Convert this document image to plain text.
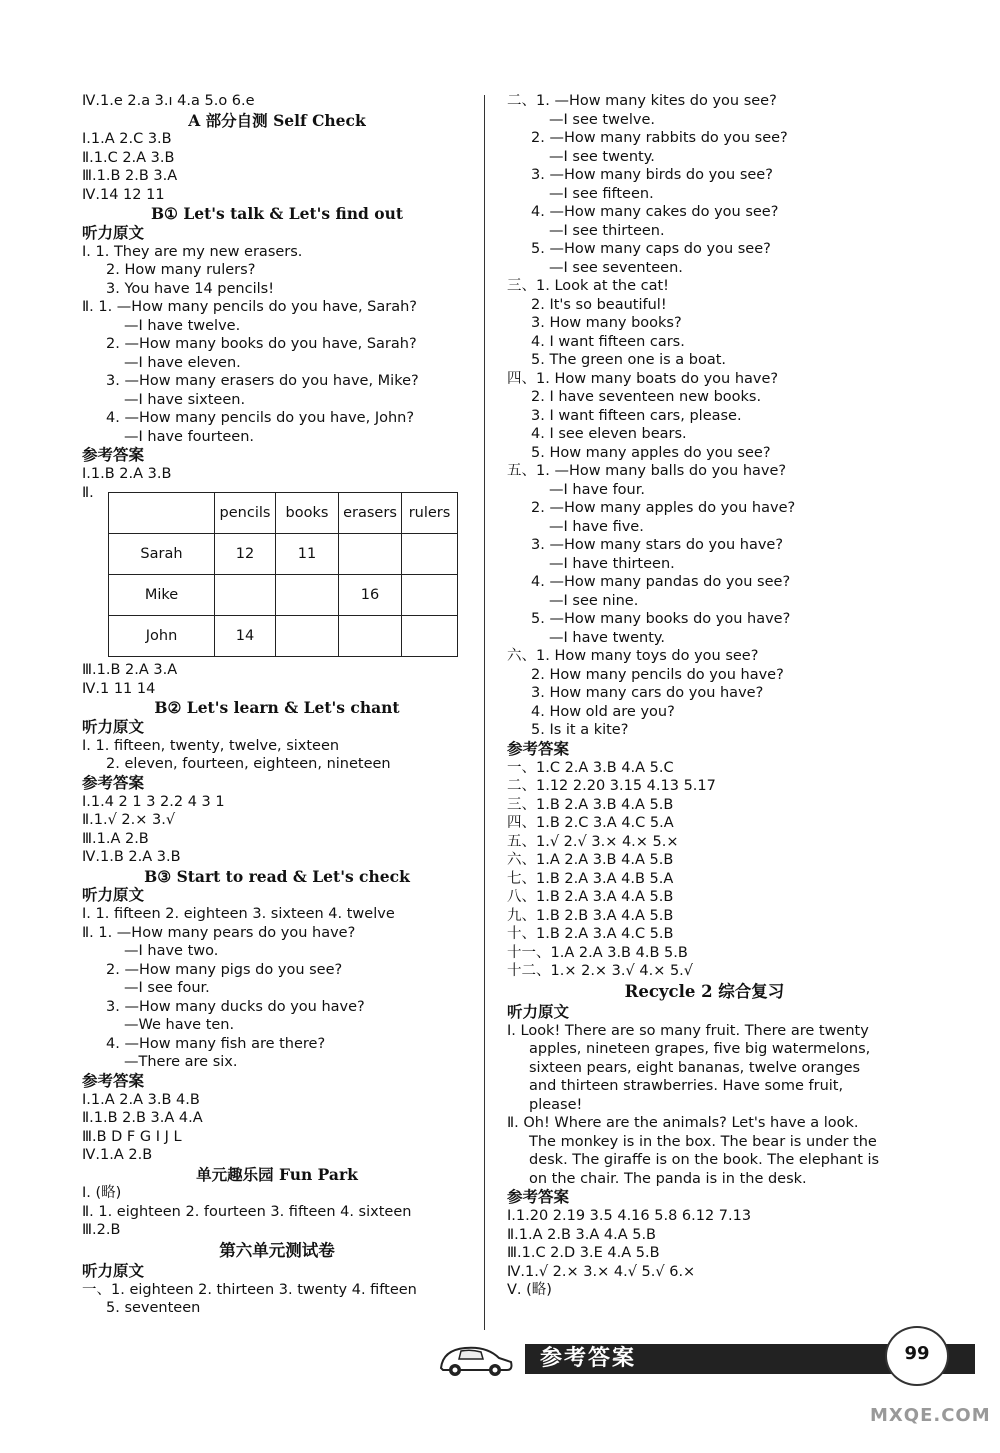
Ⅳ.1.e 2.a 3.ı 4.a 5.o 6.e
A 部分自测 Self Check
Ⅰ.1.A 2.C 3.B
Ⅱ.1.C 2.A 3.B
Ⅲ.1.B 2.B 3.A
Ⅳ.14 12 11
B① Let's talk & Let's find out
听力原文
Ⅰ. 1. They are my new erasers.
2. How many rulers?
3. You have 14 pencils!
Ⅱ. 1. —How many pencils do you have, Sarah?
—I have twelve.
2. —How many books do you have, Sarah?
—I have eleven.
3. —How many erasers do you have, Mike?
—I have sixteen.
4. —How many pencils do you have, John?
—I have fourteen.
参考答案
Ⅰ.1.B 2.A 3.B
Ⅱ.
	pencils	books	erasers	rulers
Sarah	12	11		
Mike			16	
John	14			
Ⅲ.1.B 2.A 3.A
Ⅳ.1 11 14
B② Let's learn & Let's chant
听力原文
Ⅰ. 1. fifteen, twenty, twelve, sixteen
2. eleven, fourteen, eighteen, nineteen
参考答案
Ⅰ.1.4 2 1 3 2.2 4 3 1
Ⅱ.1.√ 2.× 3.√
Ⅲ.1.A 2.B
Ⅳ.1.B 2.A 3.B
B③ Start to read & Let's check
听力原文
Ⅰ. 1. fifteen 2. eighteen 3. sixteen 4. twelve
Ⅱ. 1. —How many pears do you have?
—I have two.
2. —How many pigs do you see?
—I see four.
3. —How many ducks do you have?
—We have ten.
4. —How many fish are there?
—There are six.
参考答案
Ⅰ.1.A 2.A 3.B 4.B
Ⅱ.1.B 2.B 3.A 4.A
Ⅲ.B D F G I J L
Ⅳ.1.A 2.B
单元趣乐园 Fun Park
Ⅰ. (略)
Ⅱ. 1. eighteen 2. fourteen 3. fifteen 4. sixteen
Ⅲ.2.B
第六单元测试卷
听力原文
一、1. eighteen 2. thirteen 3. twenty 4. fifteen
5. seventeen
二、1. —How many kites do you see?
—I see twelve.
2. —How many rabbits do you see?
—I see twenty.
3. —How many birds do you see?
—I see fifteen.
4. —How many cakes do you see?
—I see thirteen.
5. —How many caps do you see?
—I see seventeen.
三、1. Look at the cat!
2. It's so beautiful!
3. How many books?
4. I want fifteen cars.
5. The green one is a boat.
四、1. How many boats do you have?
2. I have seventeen new books.
3. I want fifteen cars, please.
4. I see eleven bears.
5. How many apples do you see?
五、1. —How many balls do you have?
—I have four.
2. —How many apples do you have?
—I have five.
3. —How many stars do you have?
—I have thirteen.
4. —How many pandas do you see?
—I see nine.
5. —How many books do you have?
—I have twenty.
六、1. How many toys do you see?
2. How many pencils do you have?
3. How many cars do you have?
4. How old are you?
5. Is it a kite?
参考答案
一、1.C 2.A 3.B 4.A 5.C
二、1.12 2.20 3.15 4.13 5.17
三、1.B 2.A 3.B 4.A 5.B
四、1.B 2.C 3.A 4.C 5.A
五、1.√ 2.√ 3.× 4.× 5.×
六、1.A 2.A 3.B 4.A 5.B
七、1.B 2.A 3.A 4.B 5.A
八、1.B 2.A 3.A 4.A 5.B
九、1.B 2.B 3.A 4.A 5.B
十、1.B 2.A 3.A 4.C 5.B
十一、1.A 2.A 3.B 4.B 5.B
十二、1.× 2.× 3.√ 4.× 5.√
Recycle 2 综合复习
听力原文
Ⅰ. Look! There are so many fruit. There are twenty
apples, nineteen grapes, five big watermelons,
sixteen pears, eight bananas, twelve oranges
and thirteen strawberries. Have some fruit,
please!
Ⅱ. Oh! Where are the animals? Let's have a look.
The monkey is in the box. The bear is under the
desk. The giraffe is on the book. The elephant is
on the chair. The panda is in the desk.
参考答案
Ⅰ.1.20 2.19 3.5 4.16 5.8 6.12 7.13
Ⅱ.1.A 2.B 3.A 4.A 5.B
Ⅲ.1.C 2.D 3.E 4.A 5.B
Ⅳ.1.√ 2.× 3.× 4.√ 5.√ 6.×
Ⅴ. (略)
参考答案	99
MXQE.COM
